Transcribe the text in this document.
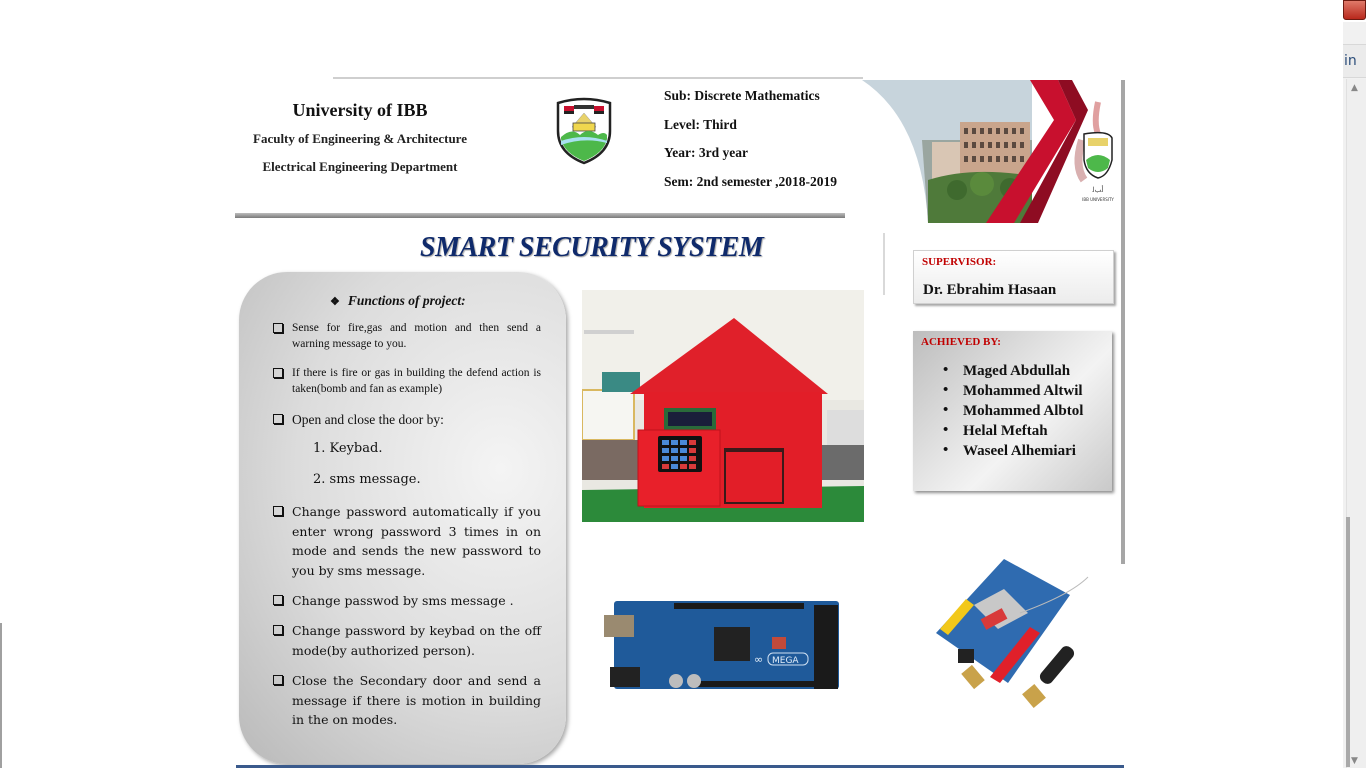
in
▲
▼
University of IBB
Faculty of Engineering & Architecture
Electrical Engineering Department
Sub: Discrete Mathematics
Level: Third
Year: 3rd year
Sem: 2nd semester ,2018-2019
ﺃﺐﻟ
IBB UNIVERSITY
SMART SECURITY SYSTEM
❖ Functions of project:
Sense for fire,gas and motion and then send a warning message to you.
If there is fire or gas in building the defend action is taken(bomb and fan as example)
Open and close the door by:
1. Keybad.
2. sms message.
Change password automatically if you enter wrong password 3 times in on mode and sends the new password to you by sms message.
Change passwod by sms message .
Change password by keybad on the off mode(by authorized person).
Close the Secondary door and send a message if there is motion in building in the on modes.
∞ MEGA
SUPERVISOR:
Dr. Ebrahim Hasaan
ACHIEVED BY:
• Maged Abdullah
• Mohammed Altwil
• Mohammed Albtol
• Helal Meftah
• Waseel Alhemiari
